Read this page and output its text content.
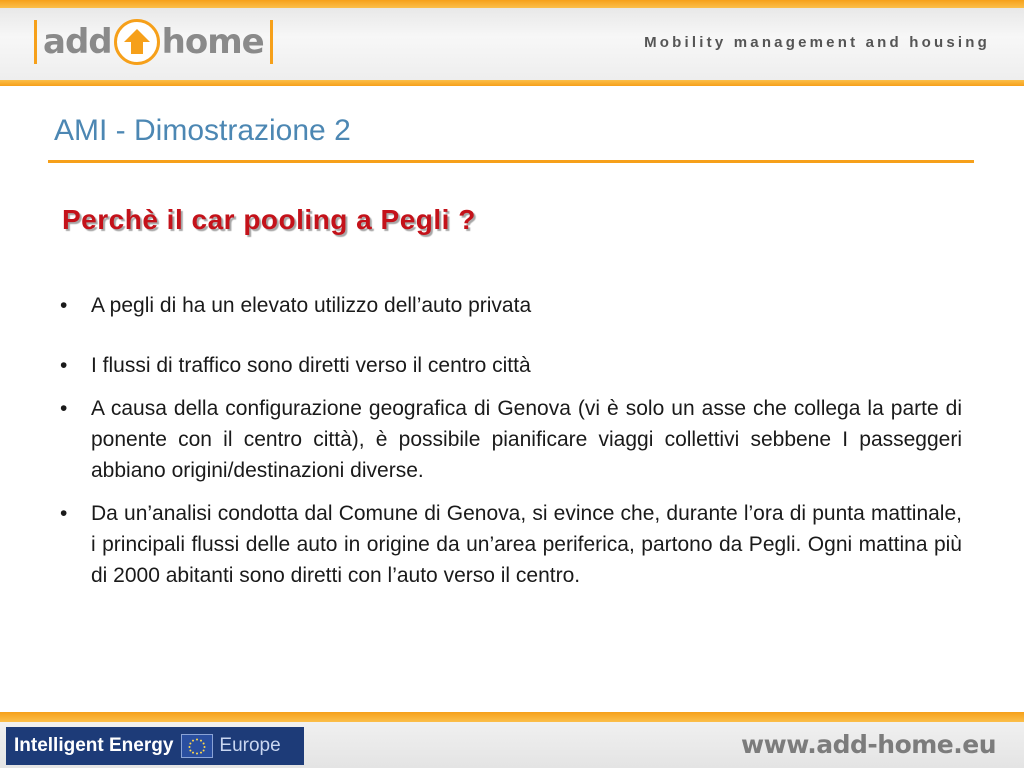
add home	Mobility management and housing
AMI - Dimostrazione 2
Perchè il car pooling a Pegli ?
• A pegli di ha un elevato utilizzo dell’auto privata
• I flussi di traffico sono diretti verso il centro città
• A causa della configurazione geografica di Genova (vi è solo un asse che collega la parte di ponente con il centro città), è possibile pianificare viaggi collettivi sebbene I passeggeri abbiano origini/destinazioni diverse.
• Da un’analisi condotta dal Comune di Genova, si evince che, durante l’ora di punta mattinale, i principali flussi delle auto in origine da un’area periferica, partono da Pegli. Ogni mattina più di 2000 abitanti sono diretti con l’auto verso il centro.
Intelligent Energy Europe	www.add-home.eu
